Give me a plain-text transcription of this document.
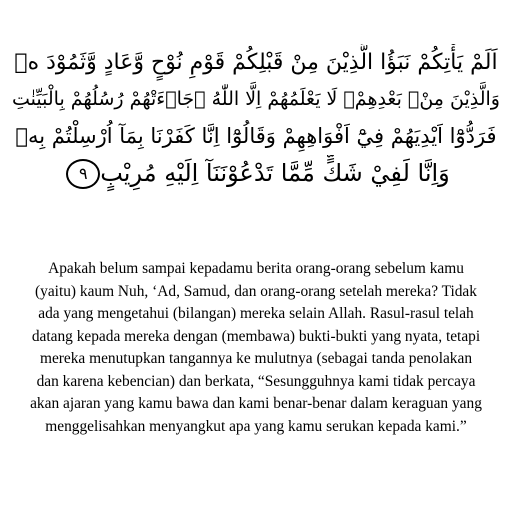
اَلَمْ يَأْتِكُمْ نَبَؤُا الَّذِيْنَ مِنْ قَبْلِكُمْ قَوْمِ نُوْحٍ وَّعَادٍ وَّثَمُوْدَ ەۗ
وَالَّذِيْنَ مِنْۢ بَعْدِهِمْۗ لَا يَعْلَمُهُمْ اِلَّا اللّٰهُ ۗجَاۤءَتْهُمْ رُسُلُهُمْ بِالْبَيِّنٰتِ
فَرَدُّوْٓا اَيْدِيَهُمْ فِيْٓ اَفْوَاهِهِمْ وَقَالُوْٓا اِنَّا كَفَرْنَا بِمَآ اُرْسِلْتُمْ بِهٖ
وَاِنَّا لَفِيْ شَكٍّ مِّمَّا تَدْعُوْنَنَآ اِلَيْهِ مُرِيْبٍ٩
Apakah belum sampai kepadamu berita orang-orang sebelum kamu
(yaitu) kaum Nuh, ‘Ad, Samud, dan orang-orang setelah mereka? Tidak
ada yang mengetahui (bilangan) mereka selain Allah. Rasul-rasul telah
datang kepada mereka dengan (membawa) bukti-bukti yang nyata, tetapi
mereka menutupkan tangannya ke mulutnya (sebagai tanda penolakan
dan karena kebencian) dan berkata, “Sesungguhnya kami tidak percaya
akan ajaran yang kamu bawa dan kami benar-benar dalam keraguan yang
menggelisahkan menyangkut apa yang kamu serukan kepada kami.”
